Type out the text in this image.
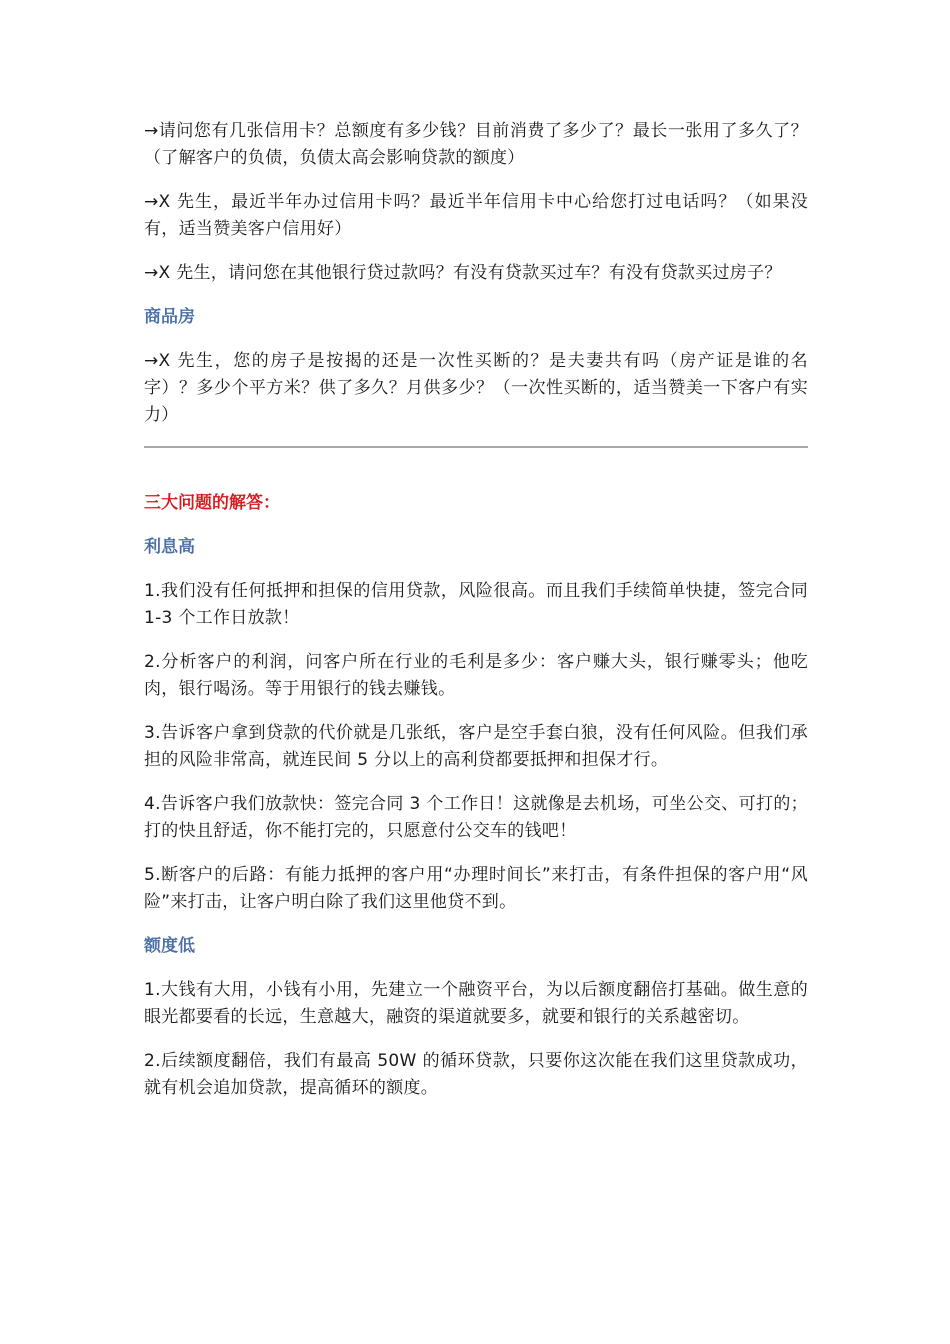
→请问您有几张信用卡？总额度有多少钱？目前消费了多少了？最长一张用了多久了？（了解客户的负债，负债太高会影响贷款的额度）

→X 先生，最近半年办过信用卡吗？最近半年信用卡中心给您打过电话吗？（如果没有，适当赞美客户信用好）

→X 先生，请问您在其他银行贷过款吗？有没有贷款买过车？有没有贷款买过房子？

商品房

→X 先生，您的房子是按揭的还是一次性买断的？是夫妻共有吗（房产证是谁的名字）？多少个平方米？供了多久？月供多少？（一次性买断的，适当赞美一下客户有实力）

三大问题的解答：
利息高

1.我们没有任何抵押和担保的信用贷款，风险很高。而且我们手续简单快捷，签完合同 1-3 个工作日放款！

2.分析客户的利润，问客户所在行业的毛利是多少：客户赚大头，银行赚零头；他吃肉，银行喝汤。等于用银行的钱去赚钱。

3.告诉客户拿到贷款的代价就是几张纸，客户是空手套白狼，没有任何风险。但我们承担的风险非常高，就连民间 5 分以上的高利贷都要抵押和担保才行。

4.告诉客户我们放款快：签完合同 3 个工作日！这就像是去机场，可坐公交、可打的；打的快且舒适，你不能打完的，只愿意付公交车的钱吧！

5.断客户的后路：有能力抵押的客户用“办理时间长”来打击，有条件担保的客户用“风险”来打击，让客户明白除了我们这里他贷不到。

额度低

1.大钱有大用，小钱有小用，先建立一个融资平台，为以后额度翻倍打基础。做生意的眼光都要看的长远，生意越大，融资的渠道就要多，就要和银行的关系越密切。

2.后续额度翻倍，我们有最高 50W 的循环贷款，只要你这次能在我们这里贷款成功，就有机会追加贷款，提高循环的额度。
